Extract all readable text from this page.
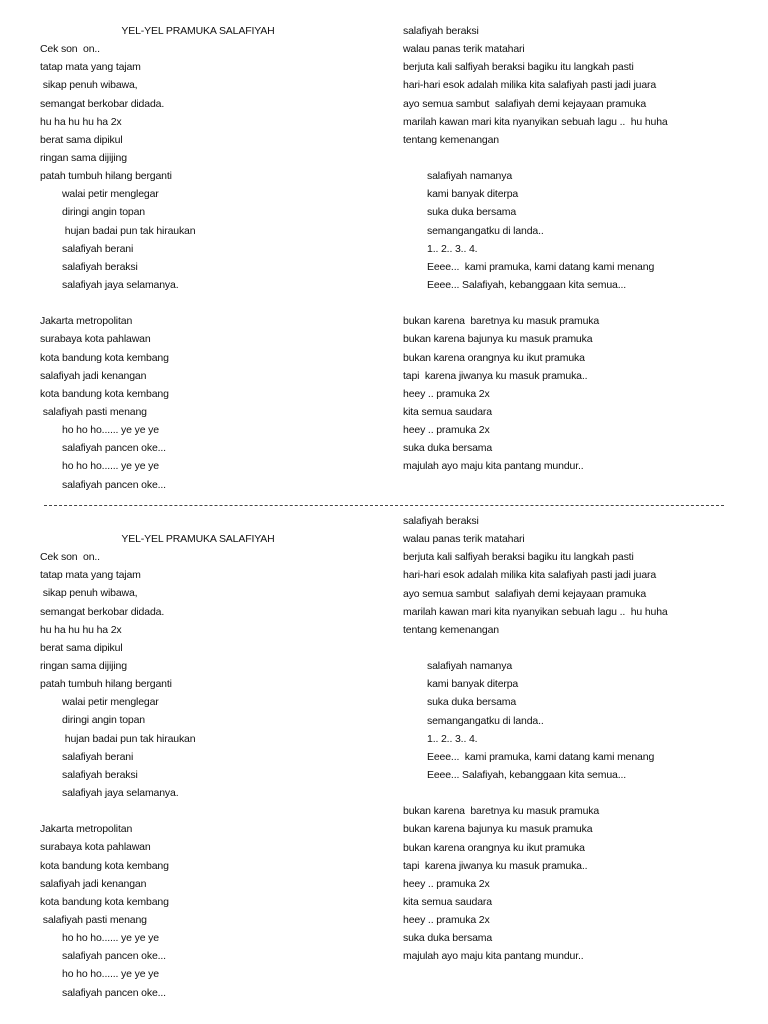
YEL-YEL PRAMUKA SALAFIYAH
Cek son  on..
tatap mata yang tajam
sikap penuh wibawa,
semangat berkobar didada.
hu ha hu hu ha 2x
berat sama dipikul
ringan sama dijijing
patah tumbuh hilang berganti
walai petir menglegar
diringi angin topan
hujan badai pun tak hiraukan
salafiyah berani
salafiyah beraksi
salafiyah jaya selamanya.
Jakarta metropolitan
surabaya kota pahlawan
kota bandung kota kembang
salafiyah jadi kenangan
kota bandung kota kembang
salafiyah pasti menang
ho ho ho...... ye ye ye
salafiyah pancen oke...
ho ho ho...... ye ye ye
salafiyah pancen oke...
salafiyah beraksi
walau panas terik matahari
berjuta kali salfiyah beraksi bagiku itu langkah pasti
hari-hari esok adalah milika kita salafiyah pasti jadi juara
ayo semua sambut  salafiyah demi kejayaan pramuka
marilah kawan mari kita nyanyikan sebuah lagu ..  hu huha
tentang kemenangan
salafiyah namanya
kami banyak diterpa
suka duka bersama
semangangatku di landa..
1.. 2.. 3.. 4.
Eeee...  kami pramuka, kami datang kami menang
Eeee... Salafiyah, kebanggaan kita semua...
bukan karena  baretnya ku masuk pramuka
bukan karena bajunya ku masuk pramuka
bukan karena orangnya ku ikut pramuka
tapi  karena jiwanya ku masuk pramuka..
heey .. pramuka 2x
kita semua saudara
heey .. pramuka 2x
suka duka bersama
majulah ayo maju kita pantang mundur..
YEL-YEL PRAMUKA SALAFIYAH
Cek son  on..
tatap mata yang tajam
sikap penuh wibawa,
semangat berkobar didada.
hu ha hu hu ha 2x
berat sama dipikul
ringan sama dijijing
patah tumbuh hilang berganti
walai petir menglegar
diringi angin topan
hujan badai pun tak hiraukan
salafiyah berani
salafiyah beraksi
salafiyah jaya selamanya.
Jakarta metropolitan
surabaya kota pahlawan
kota bandung kota kembang
salafiyah jadi kenangan
kota bandung kota kembang
salafiyah pasti menang
ho ho ho...... ye ye ye
salafiyah pancen oke...
ho ho ho...... ye ye ye
salafiyah pancen oke...
salafiyah beraksi
walau panas terik matahari
berjuta kali salfiyah beraksi bagiku itu langkah pasti
hari-hari esok adalah milika kita salafiyah pasti jadi juara
ayo semua sambut  salafiyah demi kejayaan pramuka
marilah kawan mari kita nyanyikan sebuah lagu ..  hu huha
tentang kemenangan
salafiyah namanya
kami banyak diterpa
suka duka bersama
semangangatku di landa..
1.. 2.. 3.. 4.
Eeee...  kami pramuka, kami datang kami menang
Eeee... Salafiyah, kebanggaan kita semua...
bukan karena  baretnya ku masuk pramuka
bukan karena bajunya ku masuk pramuka
bukan karena orangnya ku ikut pramuka
tapi  karena jiwanya ku masuk pramuka..
heey .. pramuka 2x
kita semua saudara
heey .. pramuka 2x
suka duka bersama
majulah ayo maju kita pantang mundur..
